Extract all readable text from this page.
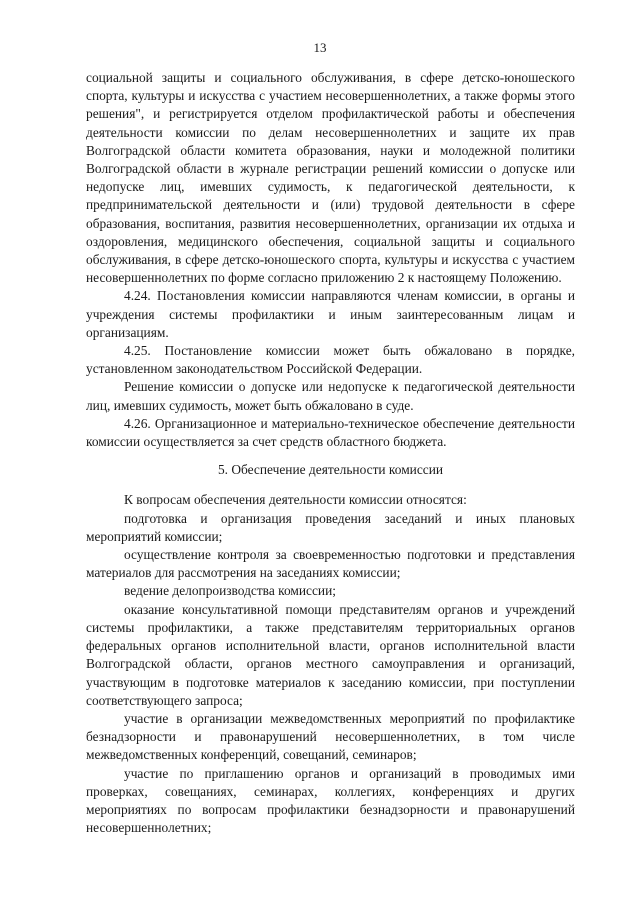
13

социальной защиты и социального обслуживания, в сфере детско-юношеского спорта, культуры и искусства с участием несовершеннолетних, а также формы этого решения", и регистрируется отделом профилактической работы и обеспечения деятельности комиссии по делам несовершеннолетних и защите их прав Волгоградской области комитета образования, науки и молодежной политики Волгоградской области в журнале регистрации решений комиссии о допуске или недопуске лиц, имевших судимость, к педагогической деятельности, к предпринимательской деятельности и (или) трудовой деятельности в сфере образования, воспитания, развития несовершеннолетних, организации их отдыха и оздоровления, медицинского обеспечения, социальной защиты и социального обслуживания, в сфере детско-юношеского спорта, культуры и искусства с участием несовершеннолетних по форме согласно приложению 2 к настоящему Положению.

4.24. Постановления комиссии направляются членам комиссии, в органы и учреждения системы профилактики и иным заинтересованным лицам и организациям.

4.25. Постановление комиссии может быть обжаловано в порядке, установленном законодательством Российской Федерации.

Решение комиссии о допуске или недопуске к педагогической деятельности лиц, имевших судимость, может быть обжаловано в суде.

4.26. Организационное и материально-техническое обеспечение деятельности комиссии осуществляется за счет средств областного бюджета.

5. Обеспечение деятельности комиссии

К вопросам обеспечения деятельности комиссии относятся:

подготовка и организация проведения заседаний и иных плановых мероприятий комиссии;

осуществление контроля за своевременностью подготовки и представления материалов для рассмотрения на заседаниях комиссии;

ведение делопроизводства комиссии;

оказание консультативной помощи представителям органов и учреждений системы профилактики, а также представителям территориальных органов федеральных органов исполнительной власти, органов исполнительной власти Волгоградской области, органов местного самоуправления и организаций, участвующим в подготовке материалов к заседанию комиссии, при поступлении соответствующего запроса;

участие в организации межведомственных мероприятий по профилактике безнадзорности и правонарушений несовершеннолетних, в том числе межведомственных конференций, совещаний, семинаров;

участие по приглашению органов и организаций в проводимых ими проверках, совещаниях, семинарах, коллегиях, конференциях и других мероприятиях по вопросам профилактики безнадзорности и правонарушений несовершеннолетних;
